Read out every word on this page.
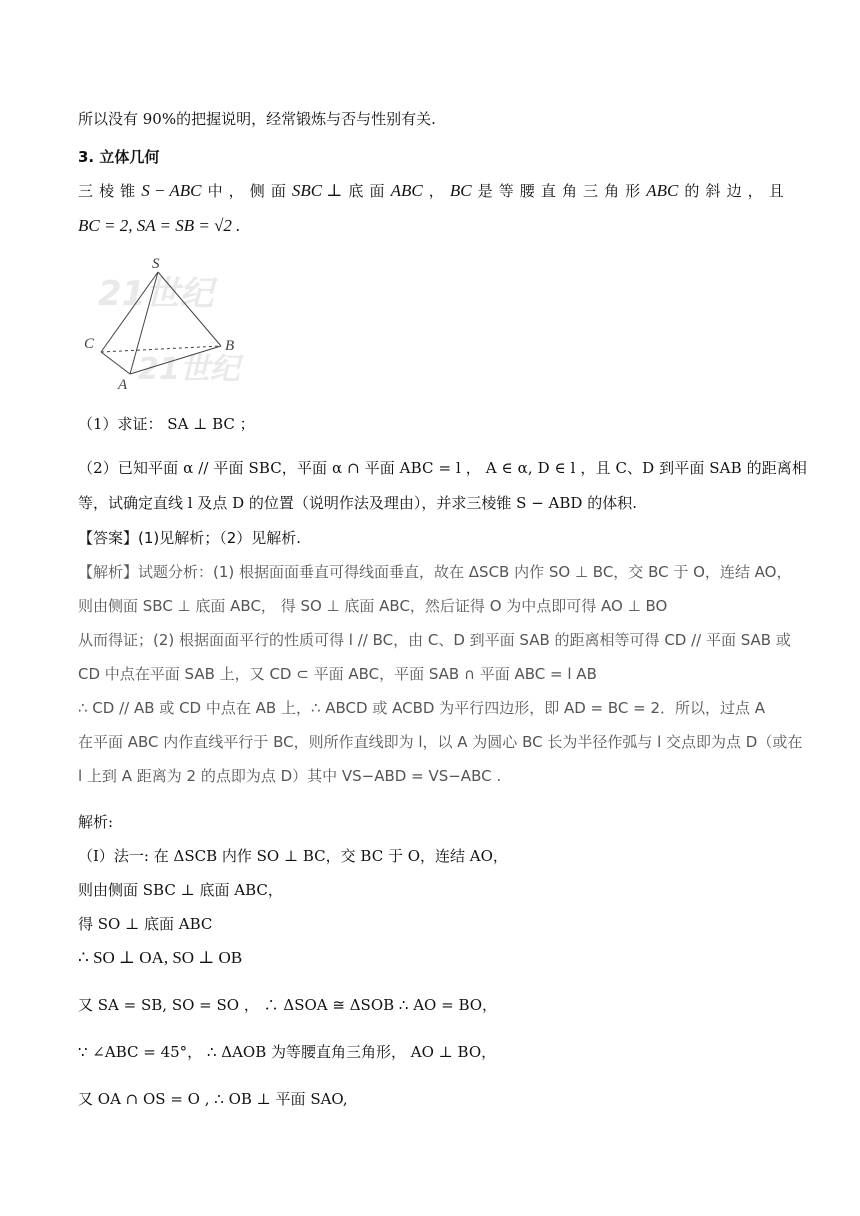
所以没有 90%的把握说明，经常锻炼与否与性别有关.
3. 立体几何
三 棱 锥 S − ABC 中 ， 侧 面 SBC ⊥ 底 面 ABC ， BC 是 等 腰 直 角 三 角 形 ABC 的 斜 边 ， 且
BC = 2, SA = SB = √2 .
21世纪
21世纪
S
C	B
A
（1）求证： SA ⊥ BC ；
（2）已知平面 α // 平面 SBC，平面 α ∩ 平面 ABC = l ， A ∈ α, D ∈ l ，且 C、D 到平面 SAB 的距离相
等，试确定直线 l 及点 D 的位置（说明作法及理由），并求三棱锥 S − ABD 的体积.
【答案】(1)见解析；（2）见解析.
【解析】试题分析：(1) 根据面面垂直可得线面垂直，故在 ΔSCB 内作 SO ⊥ BC，交 BC 于 O，连结 AO，
则由侧面 SBC ⊥ 底面 ABC， 得 SO ⊥ 底面 ABC，然后证得 O 为中点即可得 AO ⊥ BO
从而得证；(2) 根据面面平行的性质可得 l // BC，由 C、D 到平面 SAB 的距离相等可得 CD // 平面 SAB 或
CD 中点在平面 SAB 上，又 CD ⊂ 平面 ABC，平面 SAB ∩ 平面 ABC = l AB
∴ CD // AB 或 CD 中点在 AB 上，∴ ABCD 或 ACBD 为平行四边形，即 AD = BC = 2．所以，过点 A
在平面 ABC 内作直线平行于 BC，则所作直线即为 l，以 A 为圆心 BC 长为半径作弧与 l 交点即为点 D（或在
l 上到 A 距离为 2 的点即为点 D）其中 VS−ABD = VS−ABC .
解析:
（Ⅰ）法一: 在 ΔSCB 内作 SO ⊥ BC，交 BC 于 O，连结 AO，
则由侧面 SBC ⊥ 底面 ABC，
得 SO ⊥ 底面 ABC
∴ SO ⊥ OA, SO ⊥ OB
又 SA = SB, SO = SO ， ∴ ΔSOA ≅ ΔSOB ∴ AO = BO，
∵ ∠ABC = 45°， ∴ ΔAOB 为等腰直角三角形， AO ⊥ BO，
又 OA ∩ OS = O , ∴ OB ⊥ 平面 SAO,
